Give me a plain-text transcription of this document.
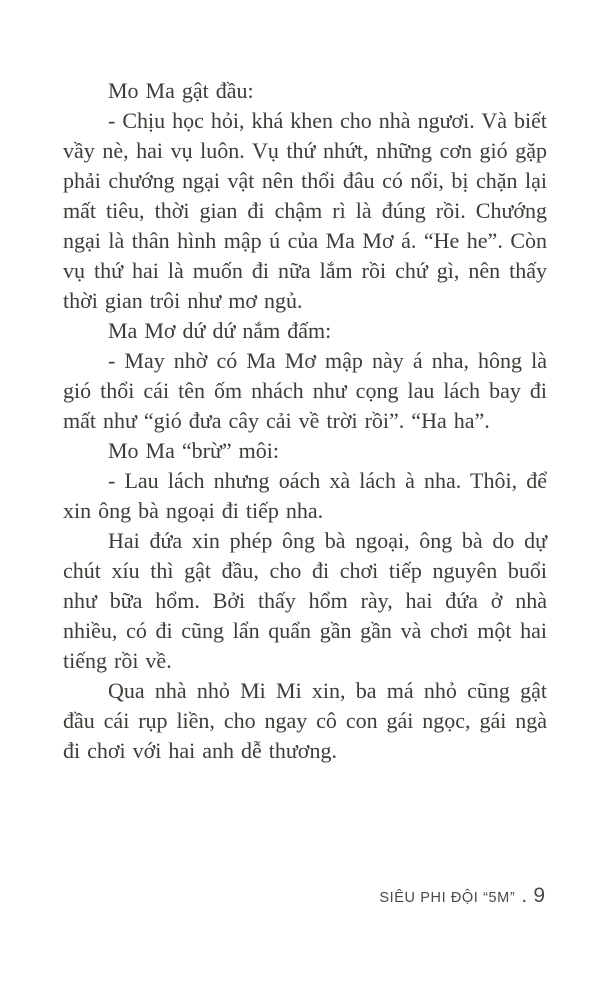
Mo Ma gật đầu:

- Chịu học hỏi, khá khen cho nhà ngươi. Và biết vầy nè, hai vụ luôn. Vụ thứ nhứt, những cơn gió gặp phải chướng ngại vật nên thổi đâu có nổi, bị chặn lại mất tiêu, thời gian đi chậm rì là đúng rồi. Chướng ngại là thân hình mập ú của Ma Mơ á. “He he”. Còn vụ thứ hai là muốn đi nữa lắm rồi chứ gì, nên thấy thời gian trôi như mơ ngủ.

Ma Mơ dứ dứ nắm đấm:

- May nhờ có Ma Mơ mập này á nha, hông là gió thổi cái tên ốm nhách như cọng lau lách bay đi mất như “gió đưa cây cải về trời rồi”. “Ha ha”.

Mo Ma “brừ” môi:

- Lau lách nhưng oách xà lách à nha. Thôi, để xin ông bà ngoại đi tiếp nha.

Hai đứa xin phép ông bà ngoại, ông bà do dự chút xíu thì gật đầu, cho đi chơi tiếp nguyên buổi như bữa hổm. Bởi thấy hổm rày, hai đứa ở nhà nhiều, có đi cũng lẩn quẩn gần gần và chơi một hai tiếng rồi về.

Qua nhà nhỏ Mi Mi xin, ba má nhỏ cũng gật đầu cái rụp liền, cho ngay cô con gái ngọc, gái ngà đi chơi với hai anh dễ thương.

SIÊU PHI ĐỘI “5M” . 9
